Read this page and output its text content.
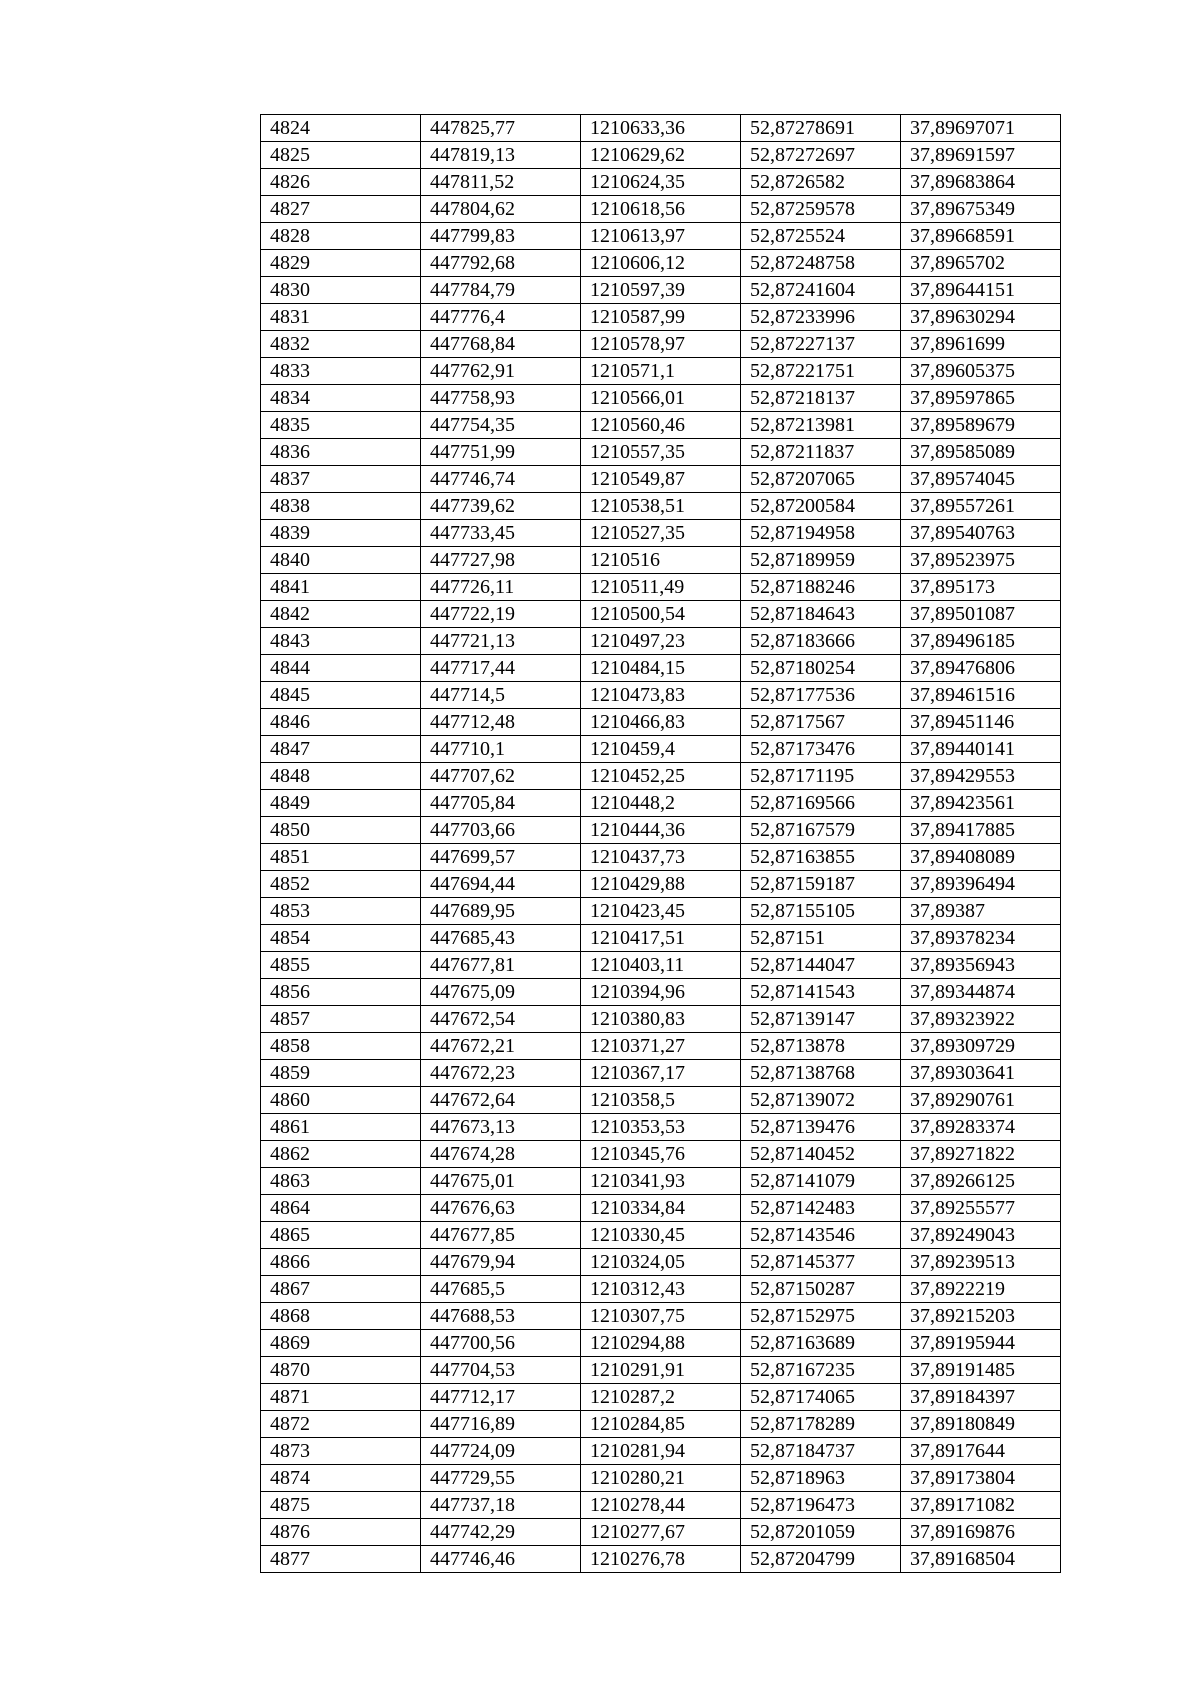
4824	447825,77	1210633,36	52,87278691	37,89697071
4825	447819,13	1210629,62	52,87272697	37,89691597
4826	447811,52	1210624,35	52,8726582	37,89683864
4827	447804,62	1210618,56	52,87259578	37,89675349
4828	447799,83	1210613,97	52,8725524	37,89668591
4829	447792,68	1210606,12	52,87248758	37,8965702
4830	447784,79	1210597,39	52,87241604	37,89644151
4831	447776,4	1210587,99	52,87233996	37,89630294
4832	447768,84	1210578,97	52,87227137	37,8961699
4833	447762,91	1210571,1	52,87221751	37,89605375
4834	447758,93	1210566,01	52,87218137	37,89597865
4835	447754,35	1210560,46	52,87213981	37,89589679
4836	447751,99	1210557,35	52,87211837	37,89585089
4837	447746,74	1210549,87	52,87207065	37,89574045
4838	447739,62	1210538,51	52,87200584	37,89557261
4839	447733,45	1210527,35	52,87194958	37,89540763
4840	447727,98	1210516	52,87189959	37,89523975
4841	447726,11	1210511,49	52,87188246	37,895173
4842	447722,19	1210500,54	52,87184643	37,89501087
4843	447721,13	1210497,23	52,87183666	37,89496185
4844	447717,44	1210484,15	52,87180254	37,89476806
4845	447714,5	1210473,83	52,87177536	37,89461516
4846	447712,48	1210466,83	52,8717567	37,89451146
4847	447710,1	1210459,4	52,87173476	37,89440141
4848	447707,62	1210452,25	52,87171195	37,89429553
4849	447705,84	1210448,2	52,87169566	37,89423561
4850	447703,66	1210444,36	52,87167579	37,89417885
4851	447699,57	1210437,73	52,87163855	37,89408089
4852	447694,44	1210429,88	52,87159187	37,89396494
4853	447689,95	1210423,45	52,87155105	37,89387
4854	447685,43	1210417,51	52,87151	37,89378234
4855	447677,81	1210403,11	52,87144047	37,89356943
4856	447675,09	1210394,96	52,87141543	37,89344874
4857	447672,54	1210380,83	52,87139147	37,89323922
4858	447672,21	1210371,27	52,8713878	37,89309729
4859	447672,23	1210367,17	52,87138768	37,89303641
4860	447672,64	1210358,5	52,87139072	37,89290761
4861	447673,13	1210353,53	52,87139476	37,89283374
4862	447674,28	1210345,76	52,87140452	37,89271822
4863	447675,01	1210341,93	52,87141079	37,89266125
4864	447676,63	1210334,84	52,87142483	37,89255577
4865	447677,85	1210330,45	52,87143546	37,89249043
4866	447679,94	1210324,05	52,87145377	37,89239513
4867	447685,5	1210312,43	52,87150287	37,8922219
4868	447688,53	1210307,75	52,87152975	37,89215203
4869	447700,56	1210294,88	52,87163689	37,89195944
4870	447704,53	1210291,91	52,87167235	37,89191485
4871	447712,17	1210287,2	52,87174065	37,89184397
4872	447716,89	1210284,85	52,87178289	37,89180849
4873	447724,09	1210281,94	52,87184737	37,8917644
4874	447729,55	1210280,21	52,8718963	37,89173804
4875	447737,18	1210278,44	52,87196473	37,89171082
4876	447742,29	1210277,67	52,87201059	37,89169876
4877	447746,46	1210276,78	52,87204799	37,89168504
